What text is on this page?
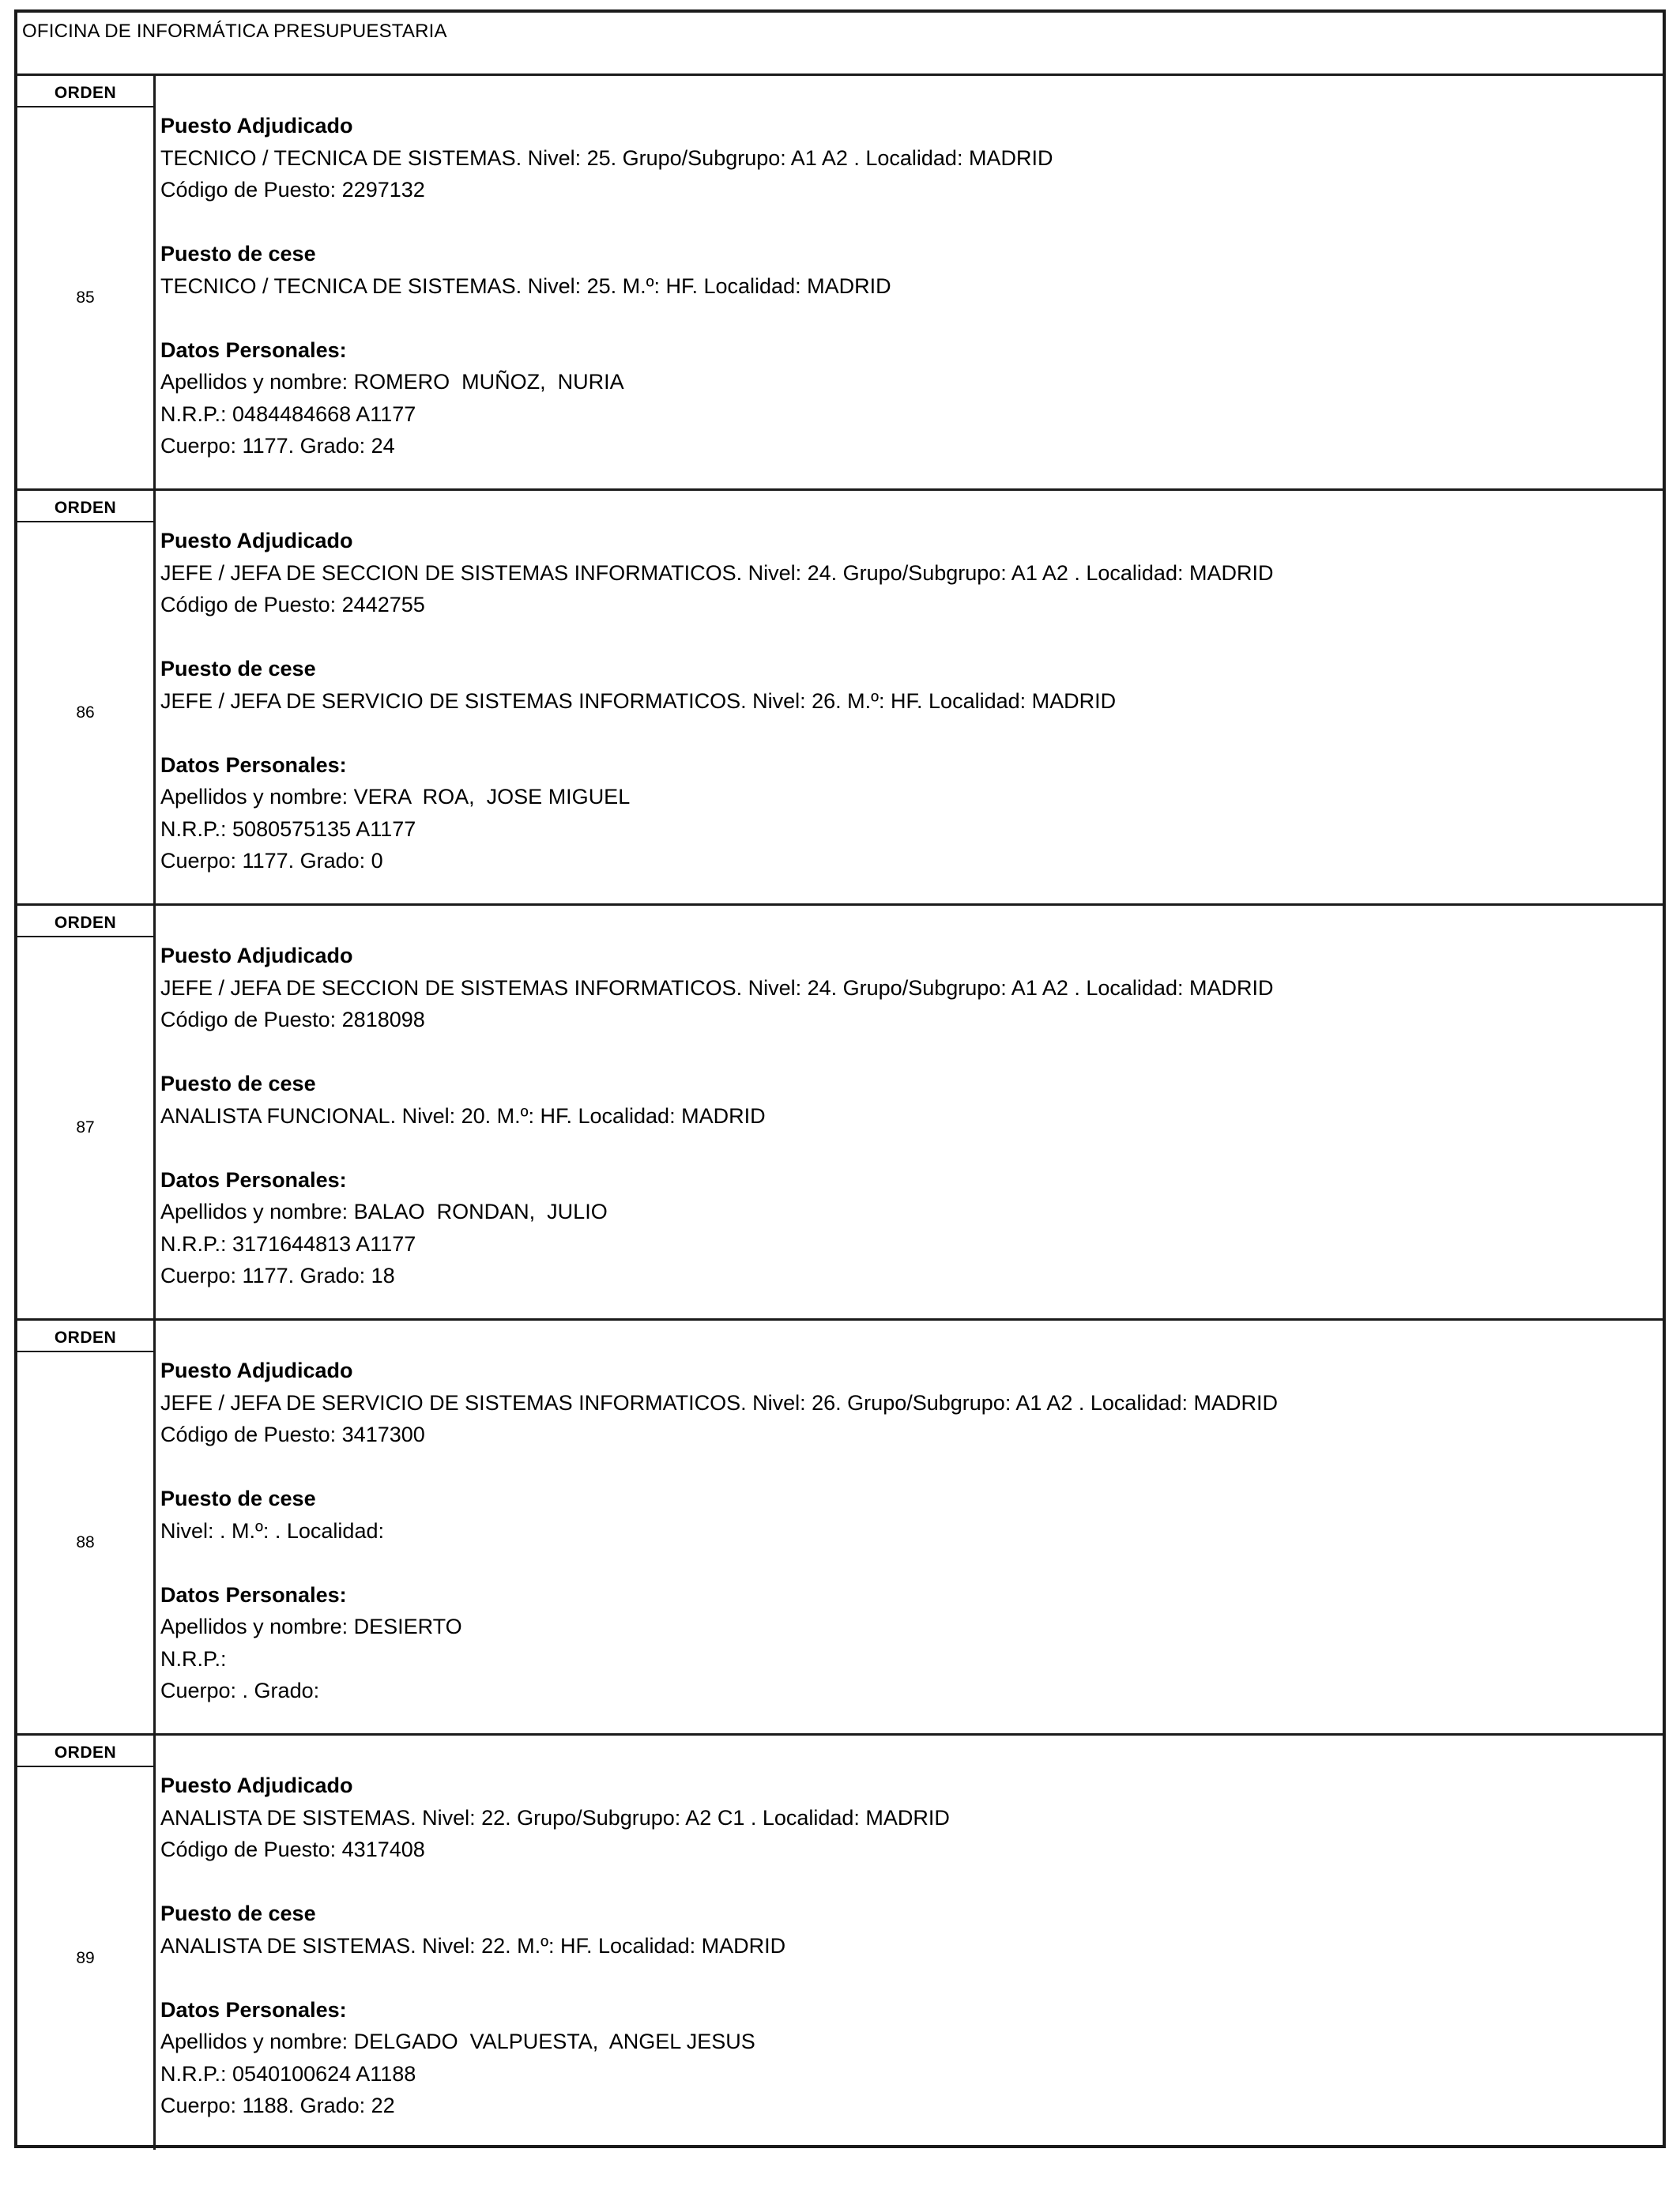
OFICINA DE INFORMÁTICA PRESUPUESTARIA
ORDEN
85
Puesto Adjudicado
TECNICO / TECNICA DE SISTEMAS. Nivel: 25. Grupo/Subgrupo: A1 A2 . Localidad: MADRID
Código de Puesto: 2297132
Puesto de cese
TECNICO / TECNICA DE SISTEMAS. Nivel: 25. M.º: HF. Localidad: MADRID
Datos Personales:
Apellidos y nombre: ROMERO  MUÑOZ,  NURIA
N.R.P.: 0484484668 A1177
Cuerpo: 1177. Grado: 24
ORDEN
86
Puesto Adjudicado
JEFE / JEFA DE SECCION DE SISTEMAS INFORMATICOS. Nivel: 24. Grupo/Subgrupo: A1 A2 . Localidad: MADRID
Código de Puesto: 2442755
Puesto de cese
JEFE / JEFA DE SERVICIO DE SISTEMAS INFORMATICOS. Nivel: 26. M.º: HF. Localidad: MADRID
Datos Personales:
Apellidos y nombre: VERA  ROA,  JOSE MIGUEL
N.R.P.: 5080575135 A1177
Cuerpo: 1177. Grado: 0
ORDEN
87
Puesto Adjudicado
JEFE / JEFA DE SECCION DE SISTEMAS INFORMATICOS. Nivel: 24. Grupo/Subgrupo: A1 A2 . Localidad: MADRID
Código de Puesto: 2818098
Puesto de cese
ANALISTA FUNCIONAL. Nivel: 20. M.º: HF. Localidad: MADRID
Datos Personales:
Apellidos y nombre: BALAO  RONDAN,  JULIO
N.R.P.: 3171644813 A1177
Cuerpo: 1177. Grado: 18
ORDEN
88
Puesto Adjudicado
JEFE / JEFA DE SERVICIO DE SISTEMAS INFORMATICOS. Nivel: 26. Grupo/Subgrupo: A1 A2 . Localidad: MADRID
Código de Puesto: 3417300
Puesto de cese
Nivel: . M.º: . Localidad:
Datos Personales:
Apellidos y nombre: DESIERTO
N.R.P.:
Cuerpo: . Grado:
ORDEN
89
Puesto Adjudicado
ANALISTA DE SISTEMAS. Nivel: 22. Grupo/Subgrupo: A2 C1 . Localidad: MADRID
Código de Puesto: 4317408
Puesto de cese
ANALISTA DE SISTEMAS. Nivel: 22. M.º: HF. Localidad: MADRID
Datos Personales:
Apellidos y nombre: DELGADO  VALPUESTA,  ANGEL JESUS
N.R.P.: 0540100624 A1188
Cuerpo: 1188. Grado: 22
